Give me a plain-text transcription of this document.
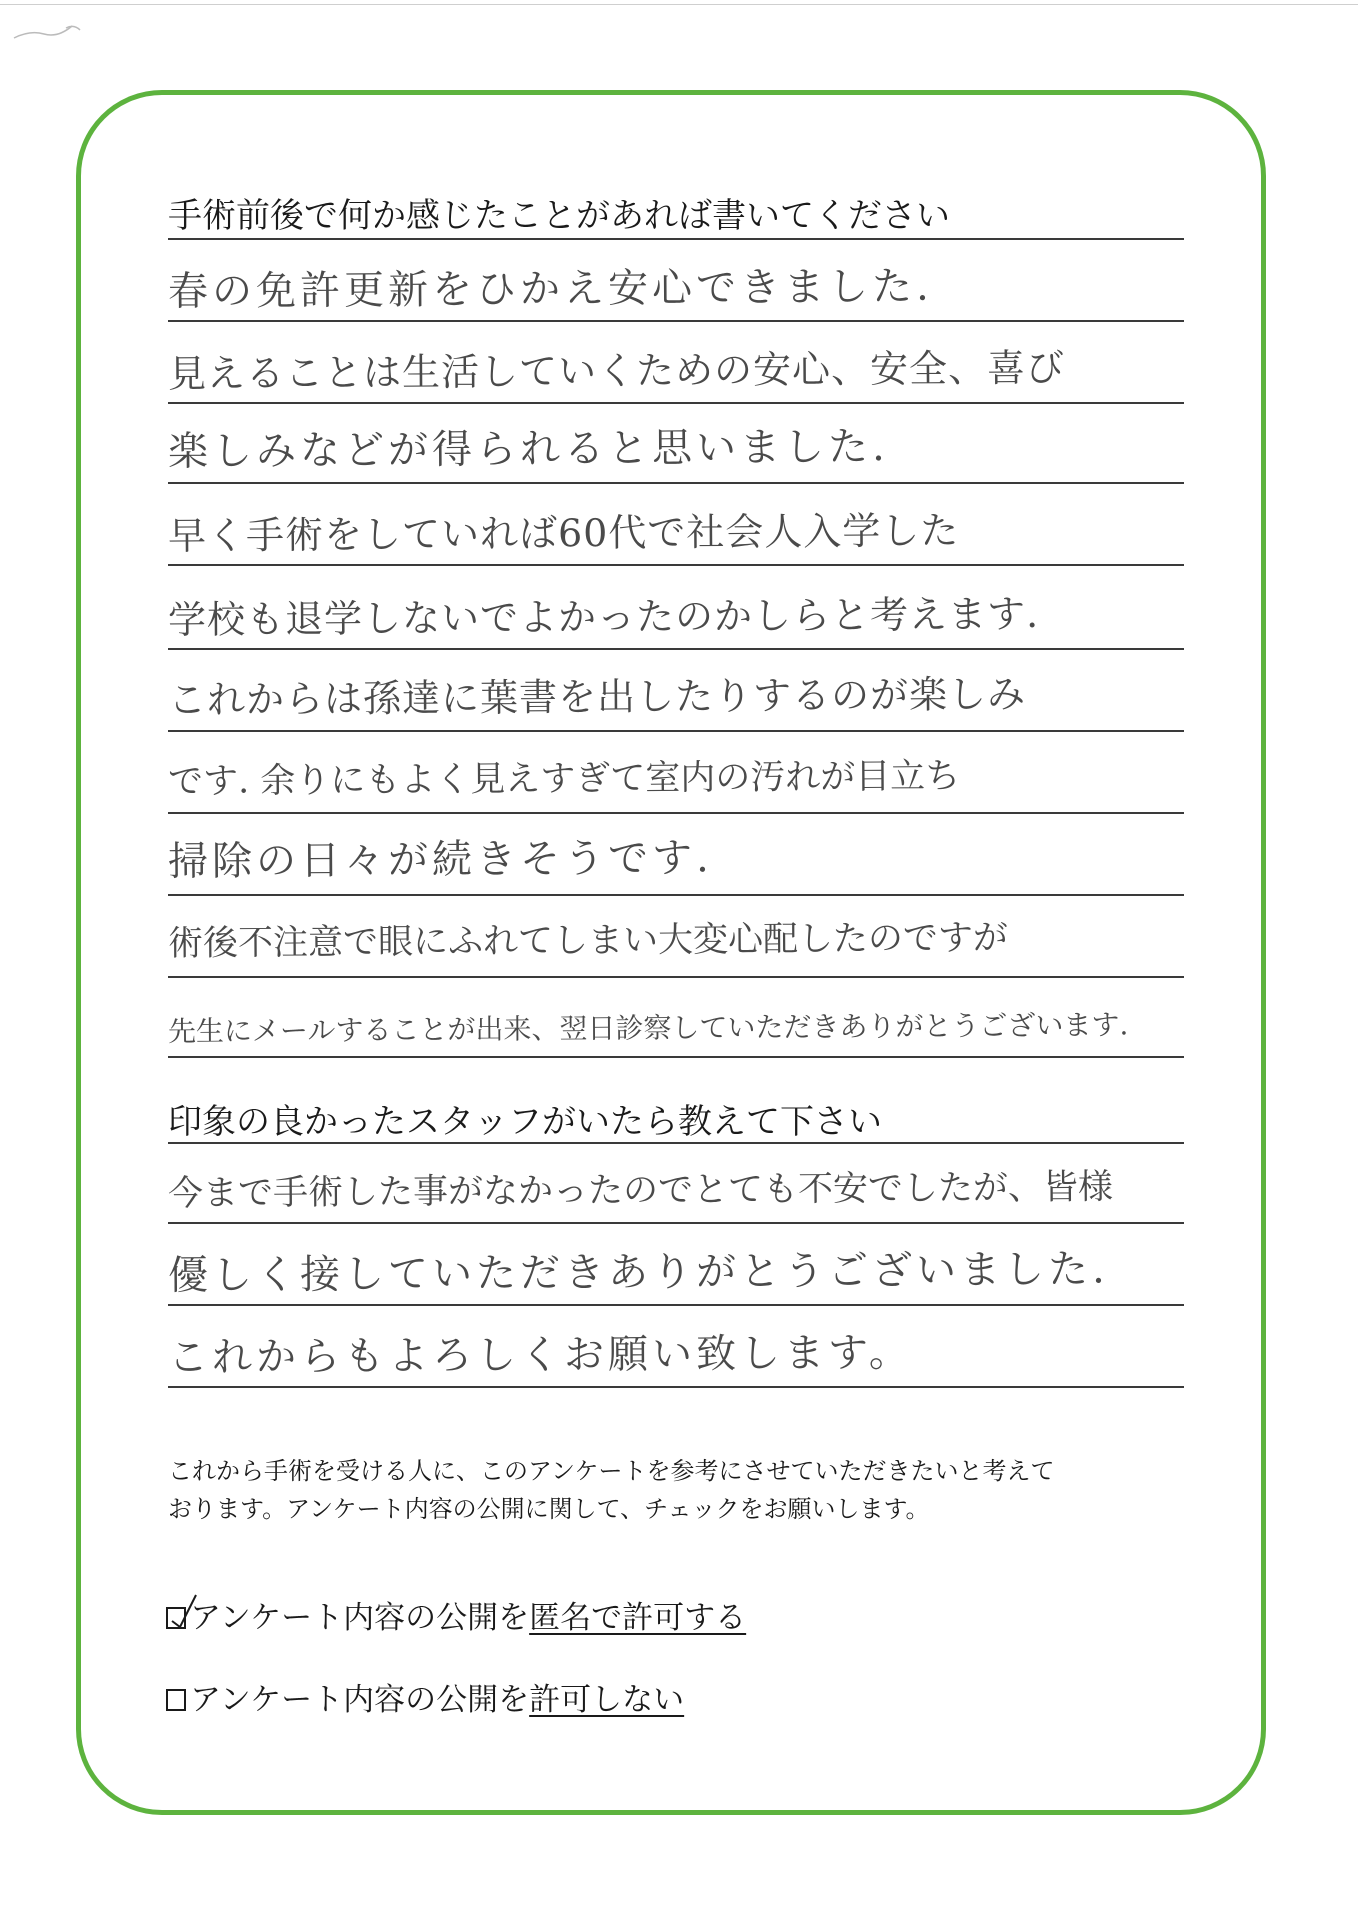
手術前後で何か感じたことがあれば書いてください
春の免許更新をひかえ安心できました.
見えることは生活していくための安心、安全、喜び
楽しみなどが得られると思いました.
早く手術をしていれば60代で社会人入学した
学校も退学しないでよかったのかしらと考えます.
これからは孫達に葉書を出したりするのが楽しみ
です. 余りにもよく見えすぎて室内の汚れが目立ち
掃除の日々が続きそうです.
術後不注意で眼にふれてしまい大変心配したのですが
先生にメールすることが出来、翌日診察していただきありがとうございます.
印象の良かったスタッフがいたら教えて下さい
今まで手術した事がなかったのでとても不安でしたが、皆様
優しく接していただきありがとうございました.
これからもよろしくお願い致します。
これから手術を受ける人に、このアンケートを参考にさせていただきたいと考えて
おります。アンケート内容の公開に関して、チェックをお願いします。
アンケート内容の公開を 匿名で許可する
アンケート内容の公開を 許可しない
